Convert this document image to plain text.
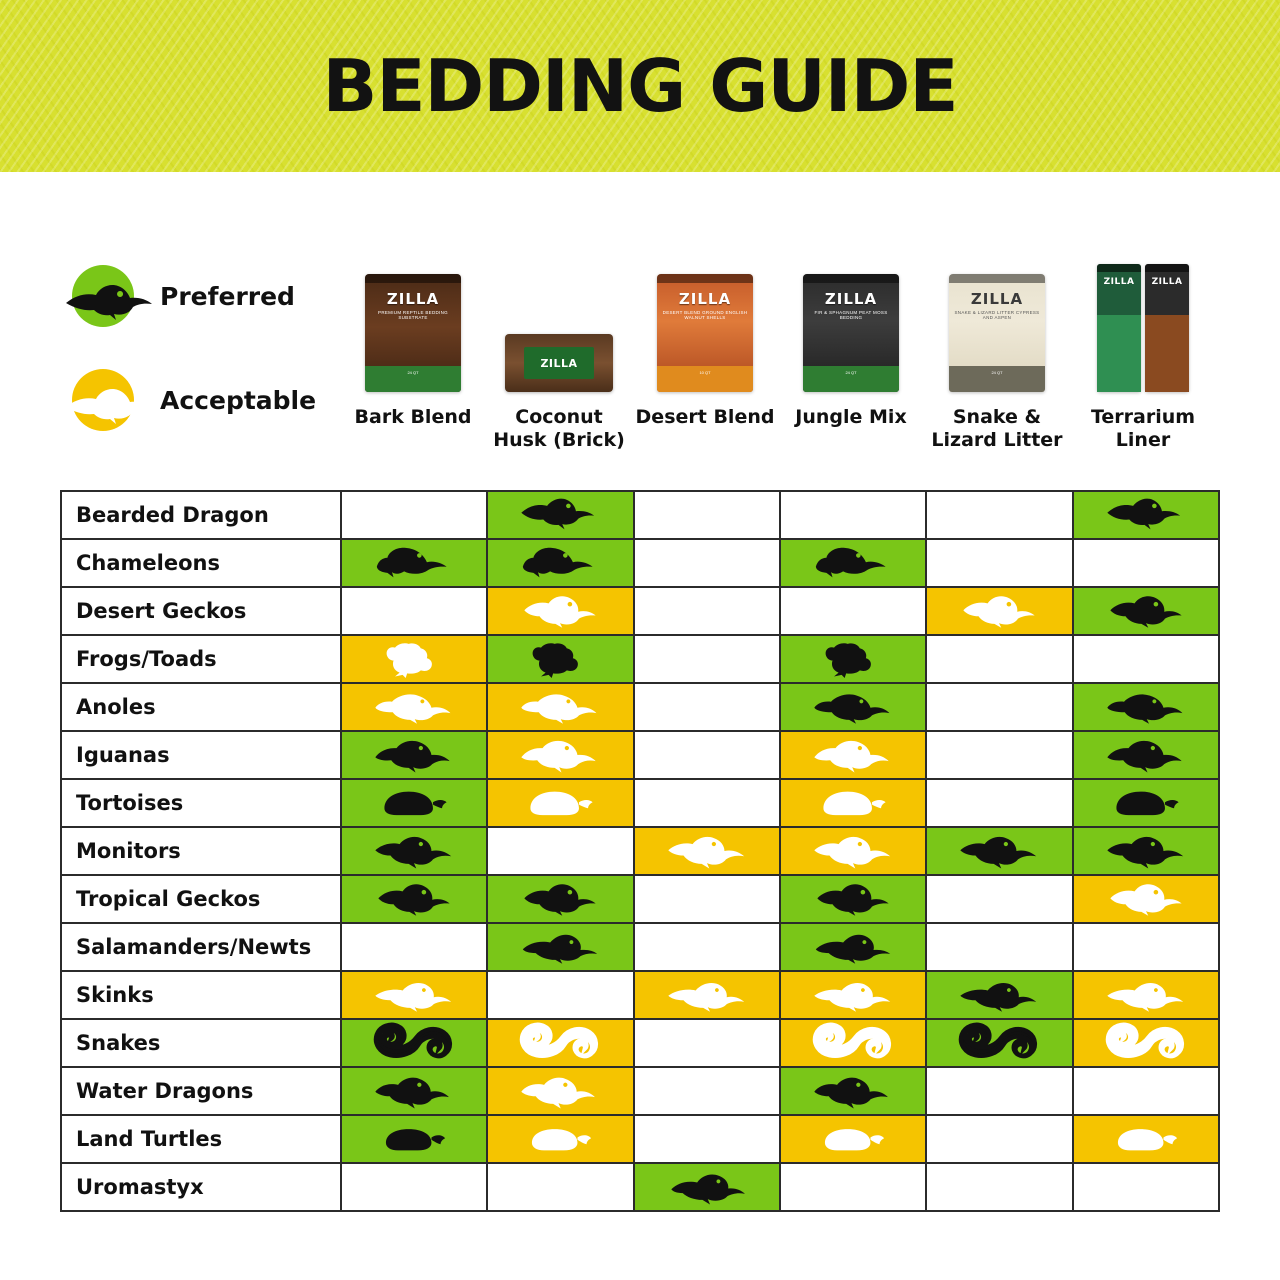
BEDDING GUIDE
Preferred
Acceptable
ZILLA
PREMIUM REPTILE BEDDING SUBSTRATE
24 QT
Bark Blend
ZILLA
Coconut Husk (Brick)
ZILLA
DESERT BLEND GROUND ENGLISH WALNUT SHELLS
10 QT
Desert Blend
ZILLA
FIR & SPHAGNUM PEAT MOSS BEDDING
24 QT
Jungle Mix
ZILLA
SNAKE & LIZARD LITTER CYPRESS AND ASPEN
24 QT
Snake & Lizard Litter
ZILLA ZILLA
Terrarium Liner
Bearded Dragon
Chameleons
Desert Geckos
Frogs/Toads
Anoles
Iguanas
Tortoises
Monitors
Tropical Geckos
Salamanders/Newts
Skinks
Snakes
Water Dragons
Land Turtles
Uromastyx
